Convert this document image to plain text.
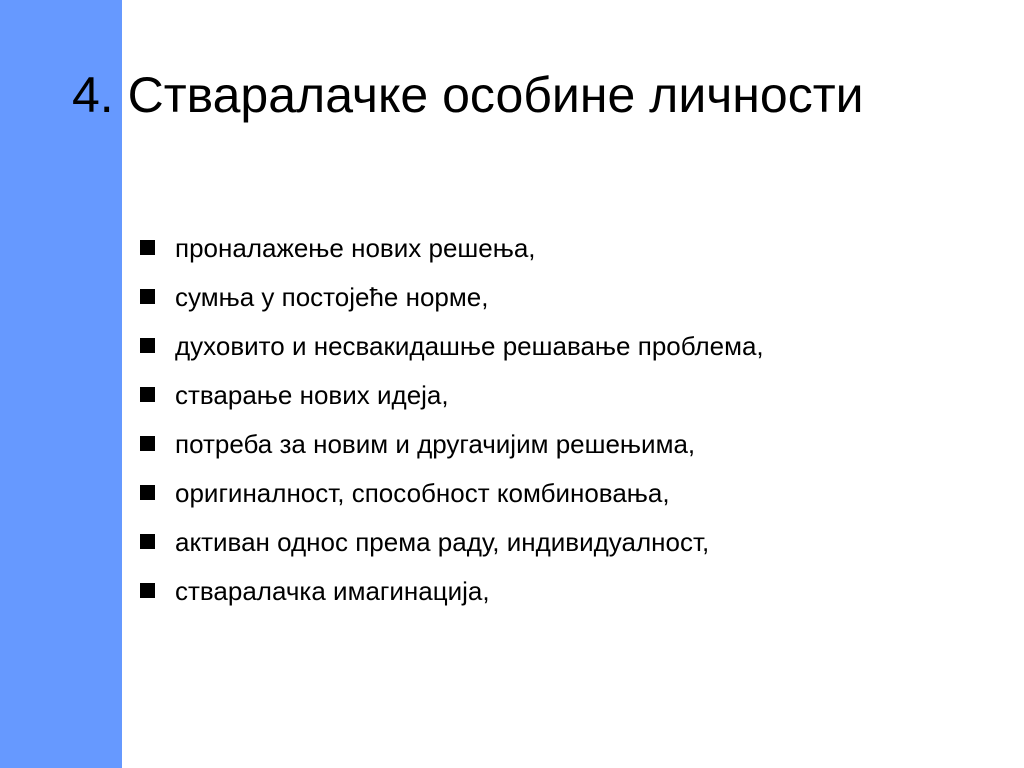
4. Стваралачке особине личности
проналажење нових решења,
сумња у постојеће норме,
духовито и несвакидашње решавање проблема,
стварање нових идеја,
потреба за новим и другачијим решењима,
оригиналност, способност комбиновања,
активан однос према раду, индивидуалност,
стваралачка имагинација,
